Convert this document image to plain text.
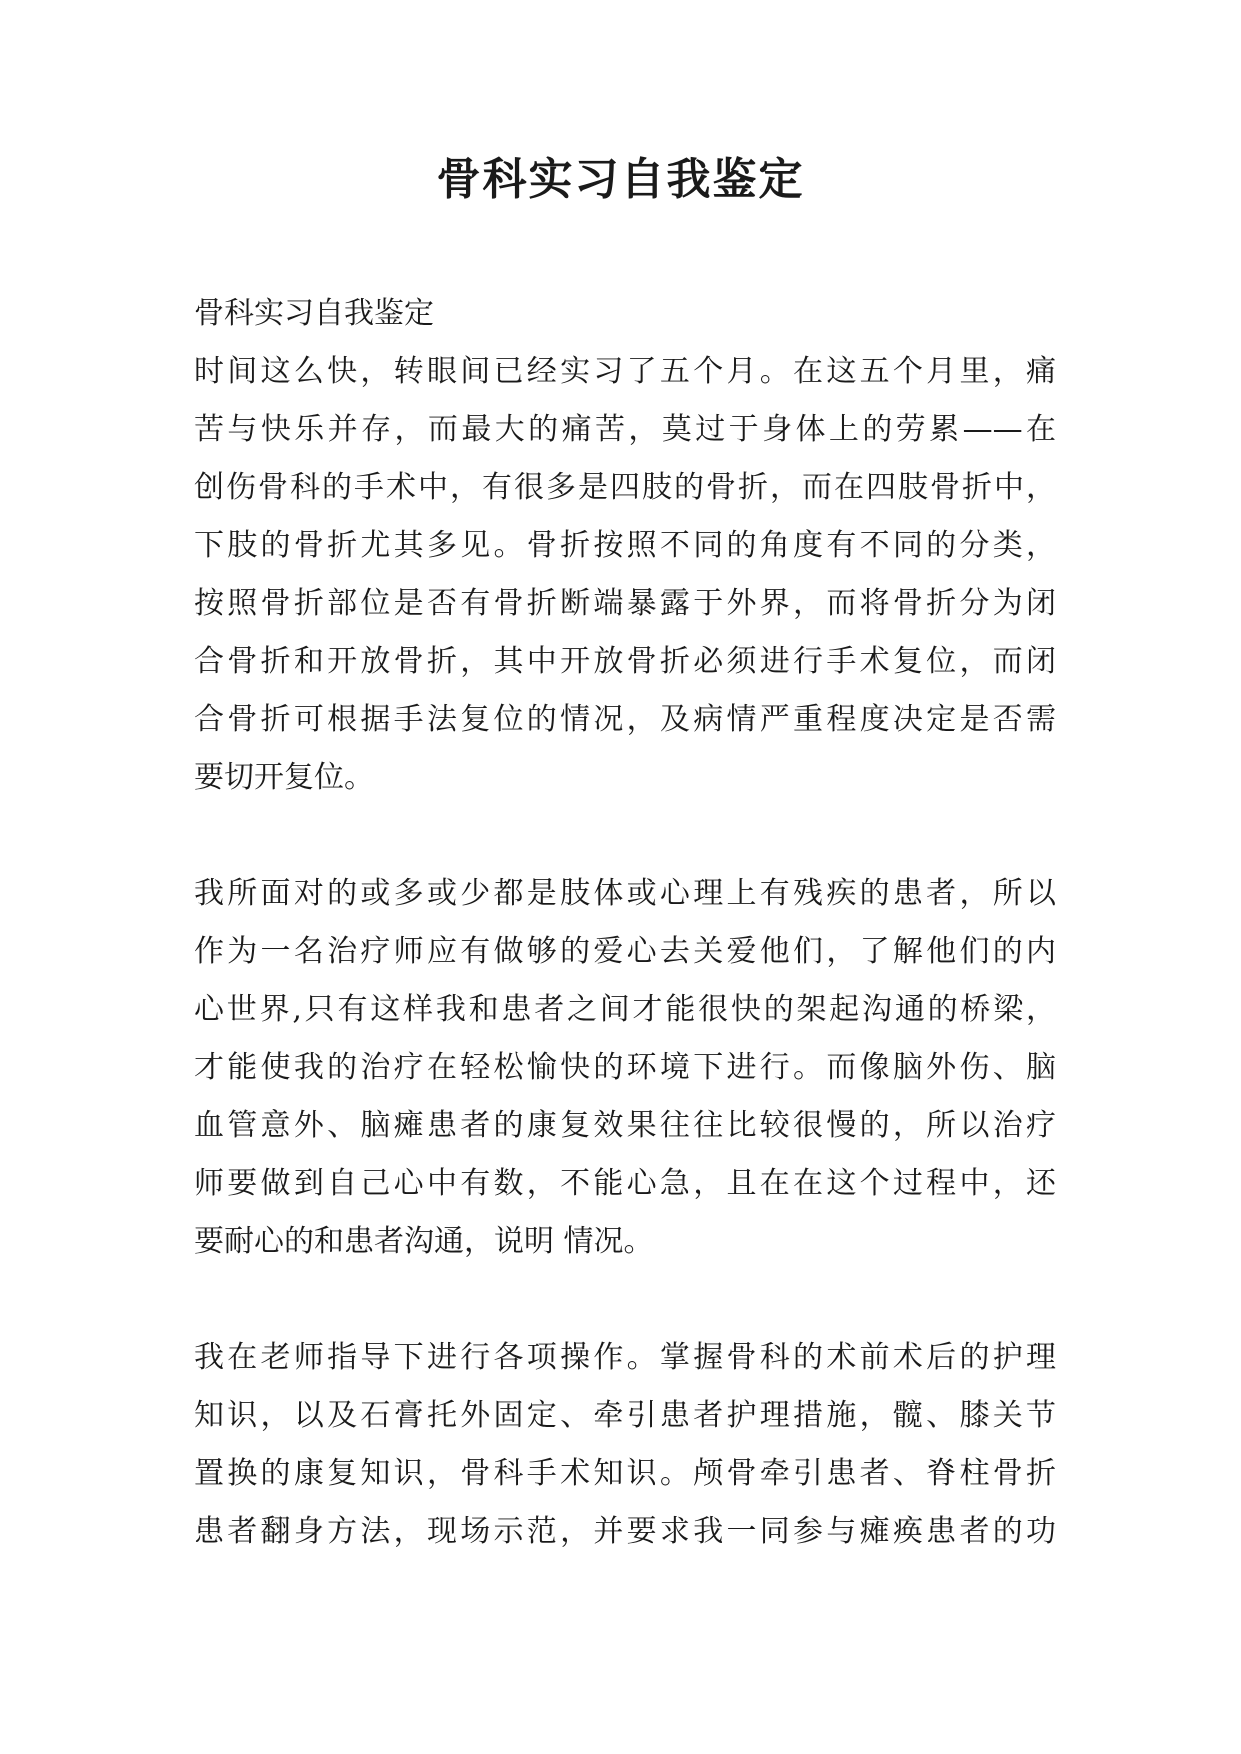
骨科实习自我鉴定
骨科实习自我鉴定
时间这么快，转眼间已经实习了五个月。在这五个月里，痛
苦与快乐并存，而最大的痛苦，莫过于身体上的劳累——在
创伤骨科的手术中，有很多是四肢的骨折，而在四肢骨折中，
下肢的骨折尤其多见。骨折按照不同的角度有不同的分类，
按照骨折部位是否有骨折断端暴露于外界，而将骨折分为闭
合骨折和开放骨折，其中开放骨折必须进行手术复位，而闭
合骨折可根据手法复位的情况，及病情严重程度决定是否需
要切开复位。
我所面对的或多或少都是肢体或心理上有残疾的患者，所以
作为一名治疗师应有做够的爱心去关爱他们，了解他们的内
心世界,只有这样我和患者之间才能很快的架起沟通的桥梁，
才能使我的治疗在轻松愉快的环境下进行。而像脑外伤、脑
血管意外、脑瘫患者的康复效果往往比较很慢的，所以治疗
师要做到自己心中有数，不能心急，且在在这个过程中，还
要耐心的和患者沟通，说明 情况。
我在老师指导下进行各项操作。掌握骨科的术前术后的护理
知识，以及石膏托外固定、牵引患者护理措施，髋、膝关节
置换的康复知识，骨科手术知识。颅骨牵引患者、脊柱骨折
患者翻身方法，现场示范，并要求我一同参与瘫痪患者的功
